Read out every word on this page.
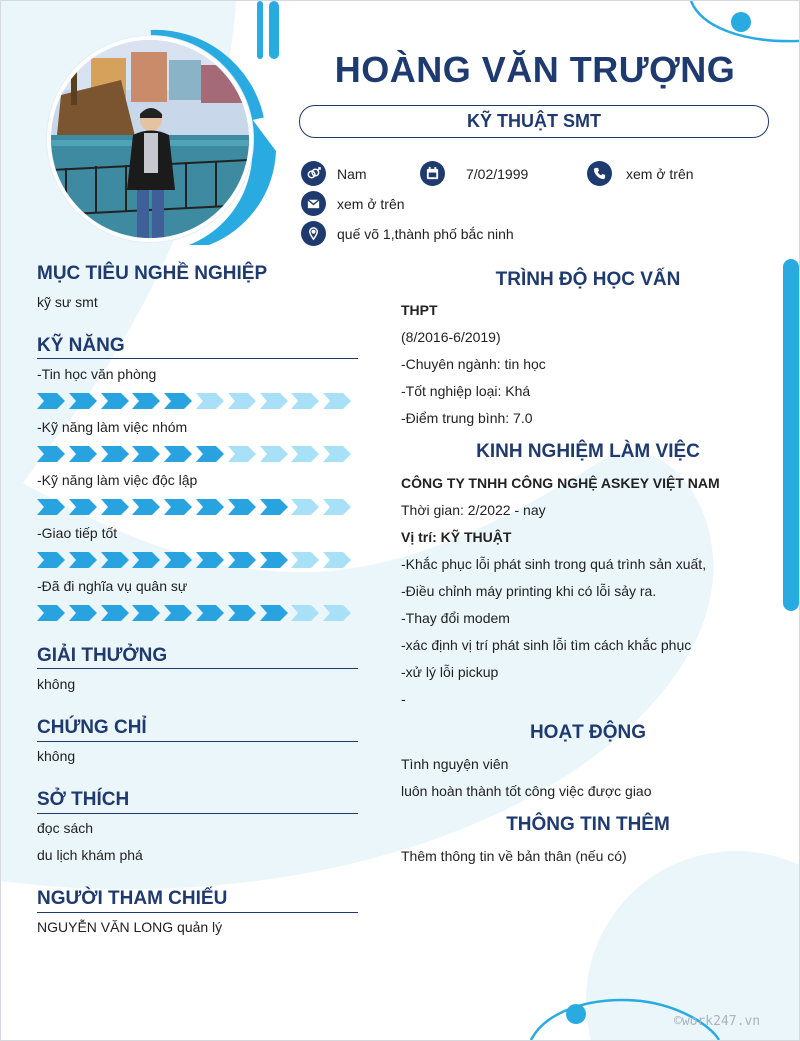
HOÀNG VĂN TRƯỢNG
KỸ THUẬT SMT
Nam	7/02/1999	xem ở trên
xem ở trên
quế võ 1,thành phố bắc ninh
MỤC TIÊU NGHỀ NGHIỆP

kỹ sư smt

KỸ NĂNG

-Tin học văn phòng

-Kỹ năng làm việc nhóm

-Kỹ năng làm việc độc lập

-Giao tiếp tốt

-Đã đi nghĩa vụ quân sự

GIẢI THƯỞNG

không

CHỨNG CHỈ

không

SỞ THÍCH

đọc sách

du lịch khám phá

NGƯỜI THAM CHIẾU

NGUYỄN VĂN LONG quản lý

TRÌNH ĐỘ HỌC VẤN

THPT

(8/2016-6/2019)

-Chuyên ngành: tin học

-Tốt nghiệp loại: Khá

-Điểm trung bình: 7.0

KINH NGHIỆM LÀM VIỆC

CÔNG TY TNHH CÔNG NGHỆ ASKEY VIỆT NAM

Thời gian: 2/2022 - nay

Vị trí: KỸ THUẬT

-Khắc phục lỗi phát sinh trong quá trình sản xuất,

-Điều chỉnh máy printing khi có lỗi sảy ra.

-Thay đổi modem

-xác định vị trí phát sinh lỗi tìm cách khắc phục

-xử lý lỗi pickup

-

HOẠT ĐỘNG

Tình nguyện viên

luôn hoàn thành tốt công việc được giao

THÔNG TIN THÊM

Thêm thông tin về bản thân (nếu có)

©work247.vn
